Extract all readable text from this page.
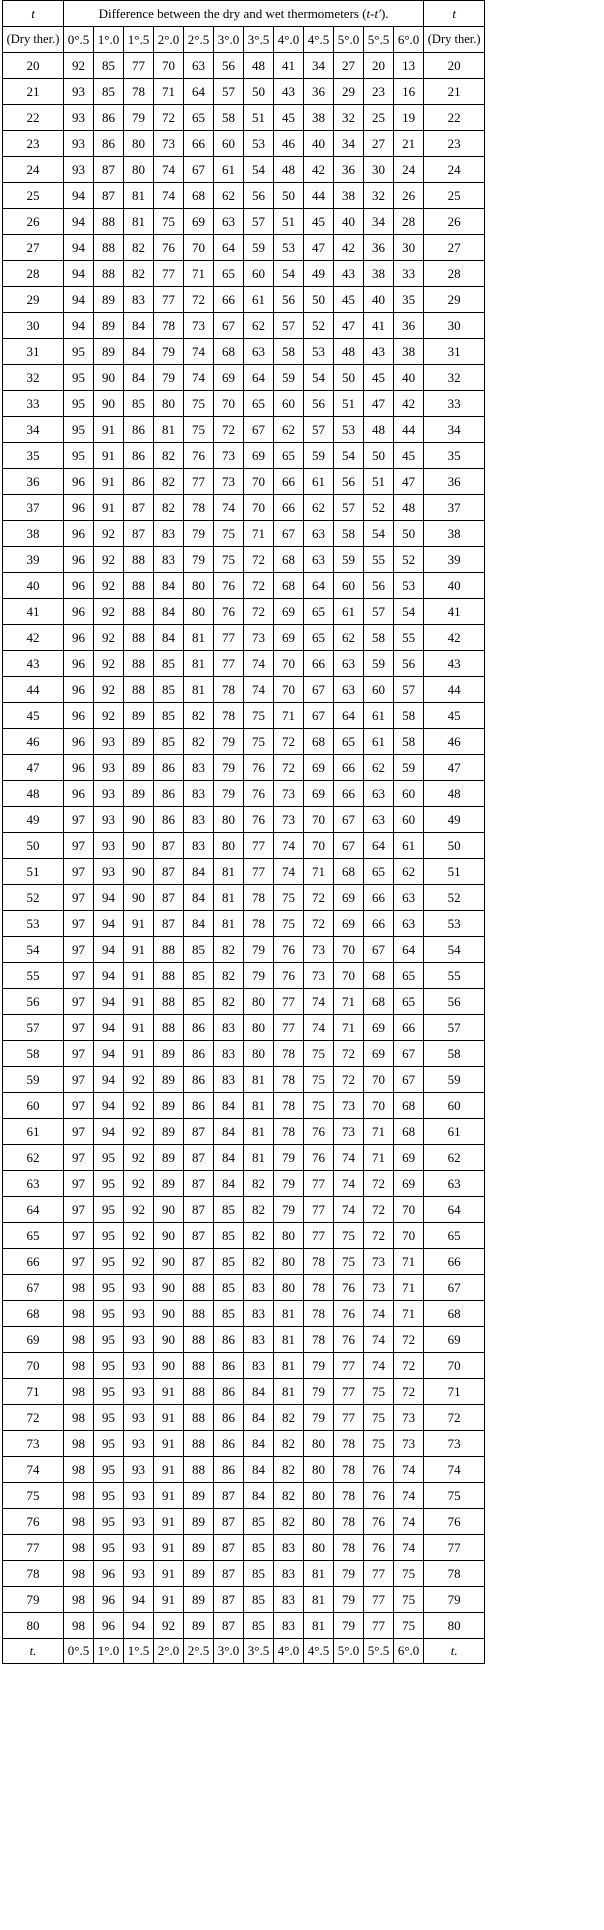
t	Difference between the dry and wet thermometers (t-t′).												t
(Dry ther.)	0°.5	1°.0	1°.5	2°.0	2°.5	3°.0	3°.5	4°.0	4°.5	5°.0	5°.5	6°.0	(Dry ther.)
20	92	85	77	70	63	56	48	41	34	27	20	13	20
21	93	85	78	71	64	57	50	43	36	29	23	16	21
22	93	86	79	72	65	58	51	45	38	32	25	19	22
23	93	86	80	73	66	60	53	46	40	34	27	21	23
24	93	87	80	74	67	61	54	48	42	36	30	24	24
25	94	87	81	74	68	62	56	50	44	38	32	26	25
26	94	88	81	75	69	63	57	51	45	40	34	28	26
27	94	88	82	76	70	64	59	53	47	42	36	30	27
28	94	88	82	77	71	65	60	54	49	43	38	33	28
29	94	89	83	77	72	66	61	56	50	45	40	35	29
30	94	89	84	78	73	67	62	57	52	47	41	36	30
31	95	89	84	79	74	68	63	58	53	48	43	38	31
32	95	90	84	79	74	69	64	59	54	50	45	40	32
33	95	90	85	80	75	70	65	60	56	51	47	42	33
34	95	91	86	81	75	72	67	62	57	53	48	44	34
35	95	91	86	82	76	73	69	65	59	54	50	45	35
36	96	91	86	82	77	73	70	66	61	56	51	47	36
37	96	91	87	82	78	74	70	66	62	57	52	48	37
38	96	92	87	83	79	75	71	67	63	58	54	50	38
39	96	92	88	83	79	75	72	68	63	59	55	52	39
40	96	92	88	84	80	76	72	68	64	60	56	53	40
41	96	92	88	84	80	76	72	69	65	61	57	54	41
42	96	92	88	84	81	77	73	69	65	62	58	55	42
43	96	92	88	85	81	77	74	70	66	63	59	56	43
44	96	92	88	85	81	78	74	70	67	63	60	57	44
45	96	92	89	85	82	78	75	71	67	64	61	58	45
46	96	93	89	85	82	79	75	72	68	65	61	58	46
47	96	93	89	86	83	79	76	72	69	66	62	59	47
48	96	93	89	86	83	79	76	73	69	66	63	60	48
49	97	93	90	86	83	80	76	73	70	67	63	60	49
50	97	93	90	87	83	80	77	74	70	67	64	61	50
51	97	93	90	87	84	81	77	74	71	68	65	62	51
52	97	94	90	87	84	81	78	75	72	69	66	63	52
53	97	94	91	87	84	81	78	75	72	69	66	63	53
54	97	94	91	88	85	82	79	76	73	70	67	64	54
55	97	94	91	88	85	82	79	76	73	70	68	65	55
56	97	94	91	88	85	82	80	77	74	71	68	65	56
57	97	94	91	88	86	83	80	77	74	71	69	66	57
58	97	94	91	89	86	83	80	78	75	72	69	67	58
59	97	94	92	89	86	83	81	78	75	72	70	67	59
60	97	94	92	89	86	84	81	78	75	73	70	68	60
61	97	94	92	89	87	84	81	78	76	73	71	68	61
62	97	95	92	89	87	84	81	79	76	74	71	69	62
63	97	95	92	89	87	84	82	79	77	74	72	69	63
64	97	95	92	90	87	85	82	79	77	74	72	70	64
65	97	95	92	90	87	85	82	80	77	75	72	70	65
66	97	95	92	90	87	85	82	80	78	75	73	71	66
67	98	95	93	90	88	85	83	80	78	76	73	71	67
68	98	95	93	90	88	85	83	81	78	76	74	71	68
69	98	95	93	90	88	86	83	81	78	76	74	72	69
70	98	95	93	90	88	86	83	81	79	77	74	72	70
71	98	95	93	91	88	86	84	81	79	77	75	72	71
72	98	95	93	91	88	86	84	82	79	77	75	73	72
73	98	95	93	91	88	86	84	82	80	78	75	73	73
74	98	95	93	91	88	86	84	82	80	78	76	74	74
75	98	95	93	91	89	87	84	82	80	78	76	74	75
76	98	95	93	91	89	87	85	82	80	78	76	74	76
77	98	95	93	91	89	87	85	83	80	78	76	74	77
78	98	96	93	91	89	87	85	83	81	79	77	75	78
79	98	96	94	91	89	87	85	83	81	79	77	75	79
80	98	96	94	92	89	87	85	83	81	79	77	75	80
t.	0°.5	1°.0	1°.5	2°.0	2°.5	3°.0	3°.5	4°.0	4°.5	5°.0	5°.5	6°.0	t.
